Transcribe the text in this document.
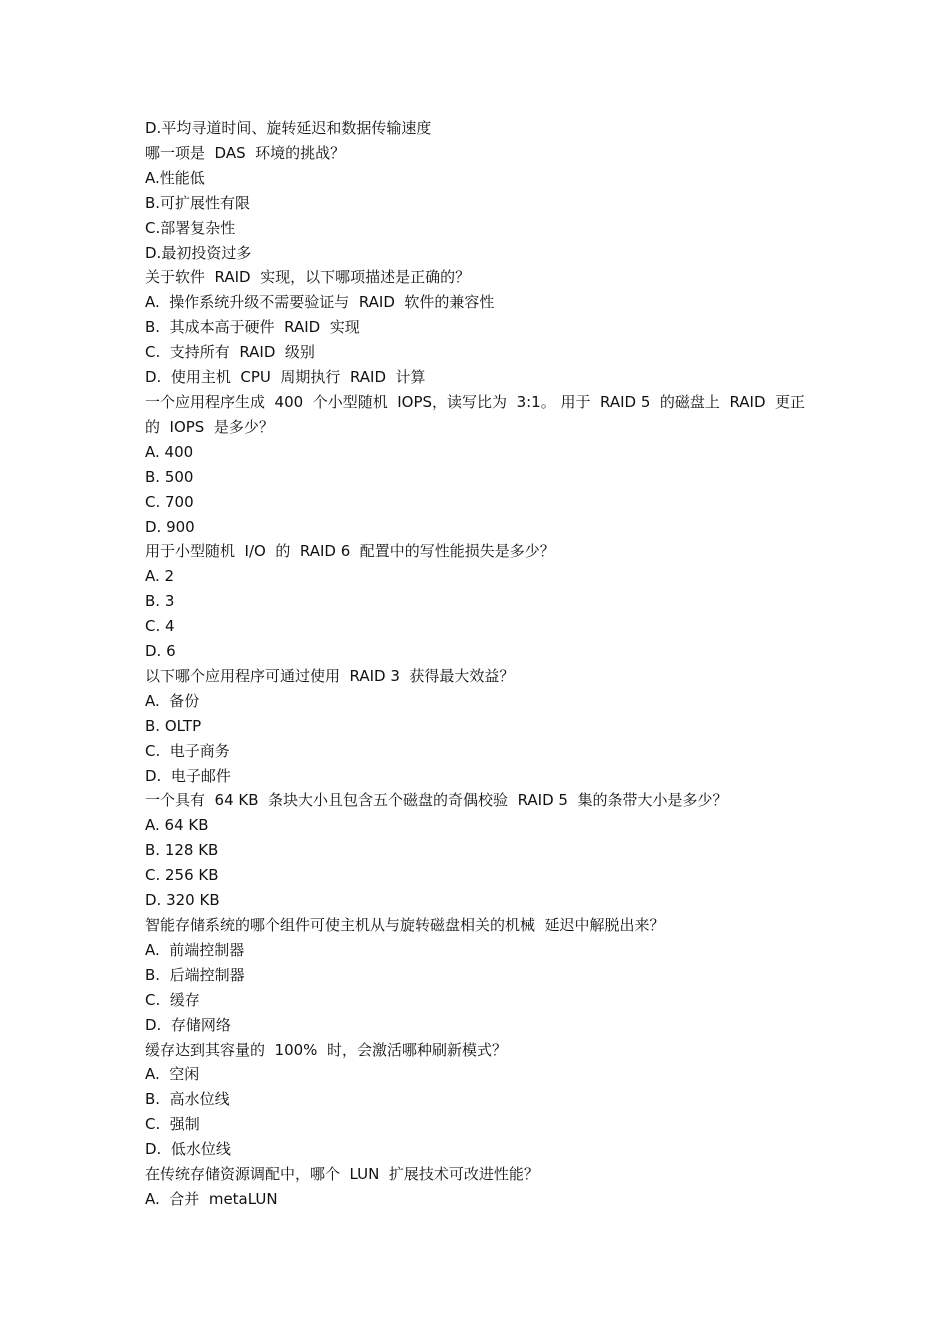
D.平均寻道时间、旋转延迟和数据传输速度
哪一项是  DAS  环境的挑战？
A.性能低
B.可扩展性有限
C.部署复杂性
D.最初投资过多
关于软件  RAID  实现，以下哪项描述是正确的？
A.  操作系统升级不需要验证与  RAID  软件的兼容性
B.  其成本高于硬件  RAID  实现
C.  支持所有  RAID  级别
D.  使用主机  CPU  周期执行  RAID  计算
一个应用程序生成  400  个小型随机  IOPS，读写比为  3:1。 用于  RAID 5  的磁盘上  RAID  更正的  IOPS  是多少？
A. 400
B. 500
C. 700
D. 900
用于小型随机  I/O  的  RAID 6  配置中的写性能损失是多少？
A. 2
B. 3
C. 4
D. 6
以下哪个应用程序可通过使用  RAID 3  获得最大效益？
A.  备份
B. OLTP
C.  电子商务
D.  电子邮件
一个具有  64 KB  条块大小且包含五个磁盘的奇偶校验  RAID 5  集的条带大小是多少？
A. 64 KB
B. 128 KB
C. 256 KB
D. 320 KB
智能存储系统的哪个组件可使主机从与旋转磁盘相关的机械  延迟中解脱出来？
A.  前端控制器
B.  后端控制器
C.  缓存
D.  存储网络
缓存达到其容量的  100%  时，会激活哪种刷新模式？
A.  空闲
B.  高水位线
C.  强制
D.  低水位线
在传统存储资源调配中，哪个  LUN  扩展技术可改进性能？
A.  合并  metaLUN
